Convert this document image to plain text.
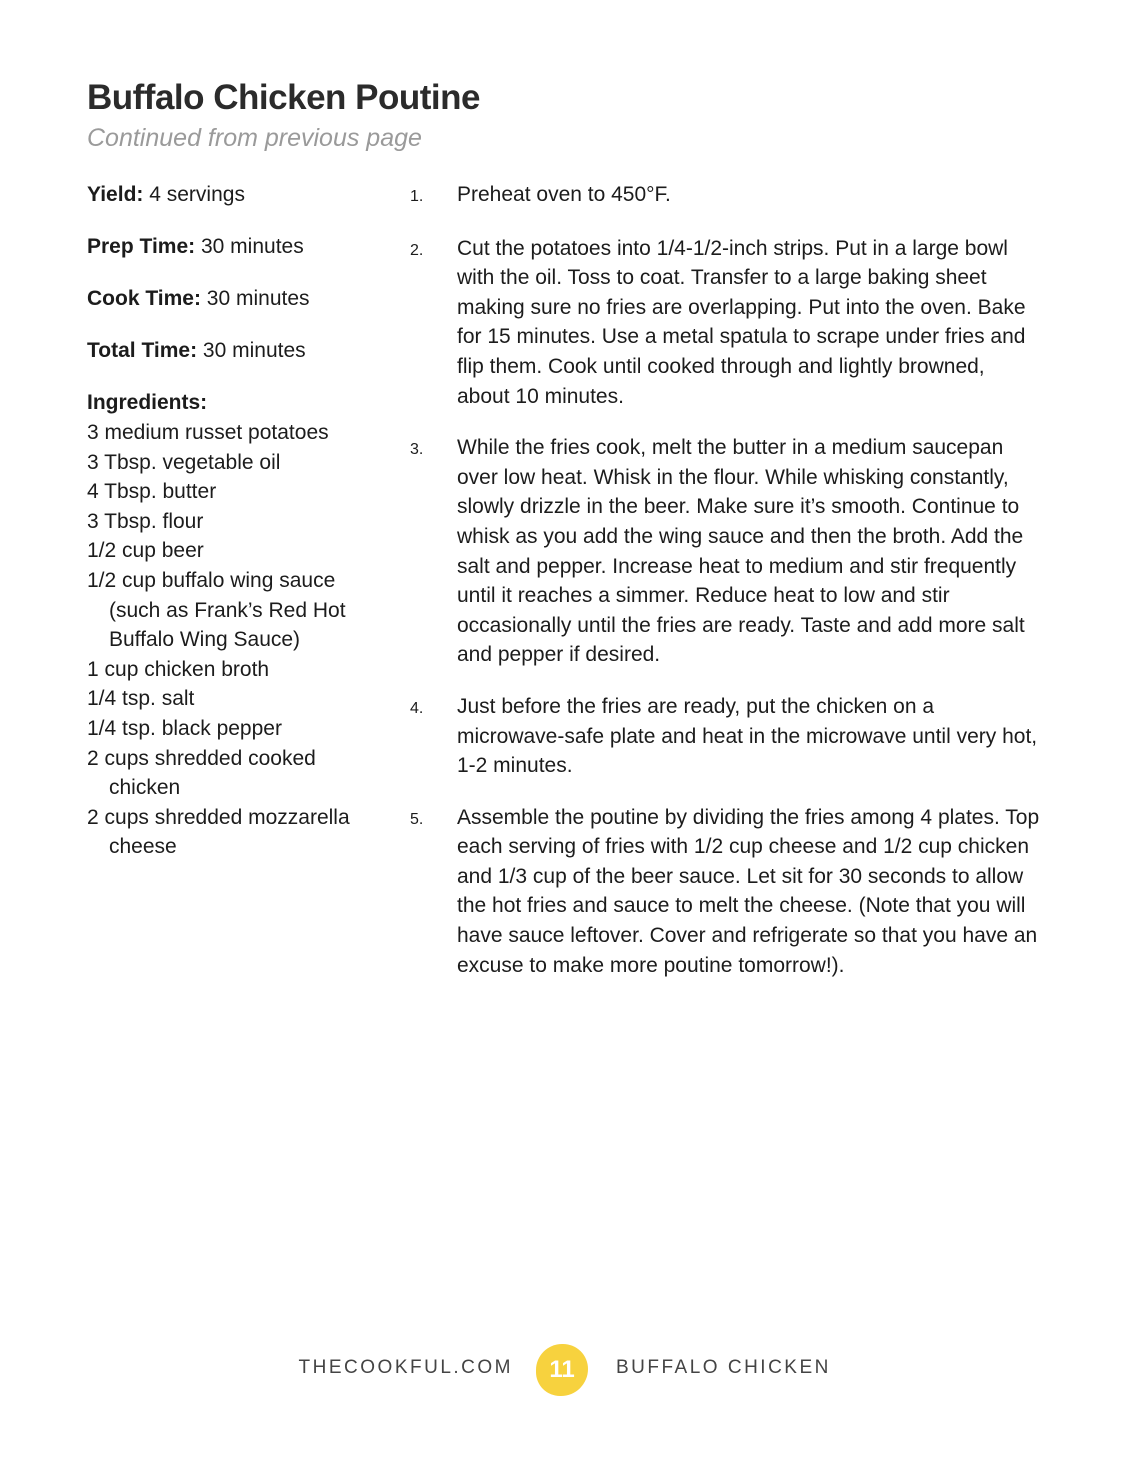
Buffalo Chicken Poutine
Continued from previous page

Yield: 4 servings

Prep Time: 30 minutes

Cook Time: 30 minutes

Total Time: 30 minutes

Ingredients:

3 medium russet potatoes
3 Tbsp. vegetable oil
4 Tbsp. butter
3 Tbsp. flour
1/2 cup beer
1/2 cup buffalo wing sauce (such as Frank’s Red Hot Buffalo Wing Sauce)
1 cup chicken broth
1/4 tsp. salt
1/4 tsp. black pepper
2 cups shredded cooked chicken
2 cups shredded mozzarella cheese
1.	Preheat oven to 450°F.

2.	Cut the potatoes into 1/4-1/2-inch strips. Put in a large bowl with the oil. Toss to coat. Transfer to a large baking sheet making sure no fries are overlapping. Put into the oven. Bake for 15 minutes. Use a metal spatula to scrape under fries and flip them. Cook until cooked through and lightly browned, about 10 minutes.

3.	While the fries cook, melt the butter in a medium saucepan over low heat. Whisk in the flour. While whisking constantly, slowly drizzle in the beer. Make sure it’s smooth. Continue to whisk as you add the wing sauce and then the broth. Add the salt and pepper. Increase heat to medium and stir frequently until it reaches a simmer. Reduce heat to low and stir occasionally until the fries are ready. Taste and add more salt and pepper if desired.

4.	Just before the fries are ready, put the chicken on a microwave-safe plate and heat in the microwave until very hot, 1-2 minutes.

5.	Assemble the poutine by dividing the fries among 4 plates. Top each serving of fries with 1/2 cup cheese and 1/2 cup chicken and 1/3 cup of the beer sauce. Let sit for 30 seconds to allow the hot fries and sauce to melt the cheese. (Note that you will have sauce leftover. Cover and refrigerate so that you have an excuse to make more poutine tomorrow!).

THECOOKFUL.COM	11	BUFFALO CHICKEN
